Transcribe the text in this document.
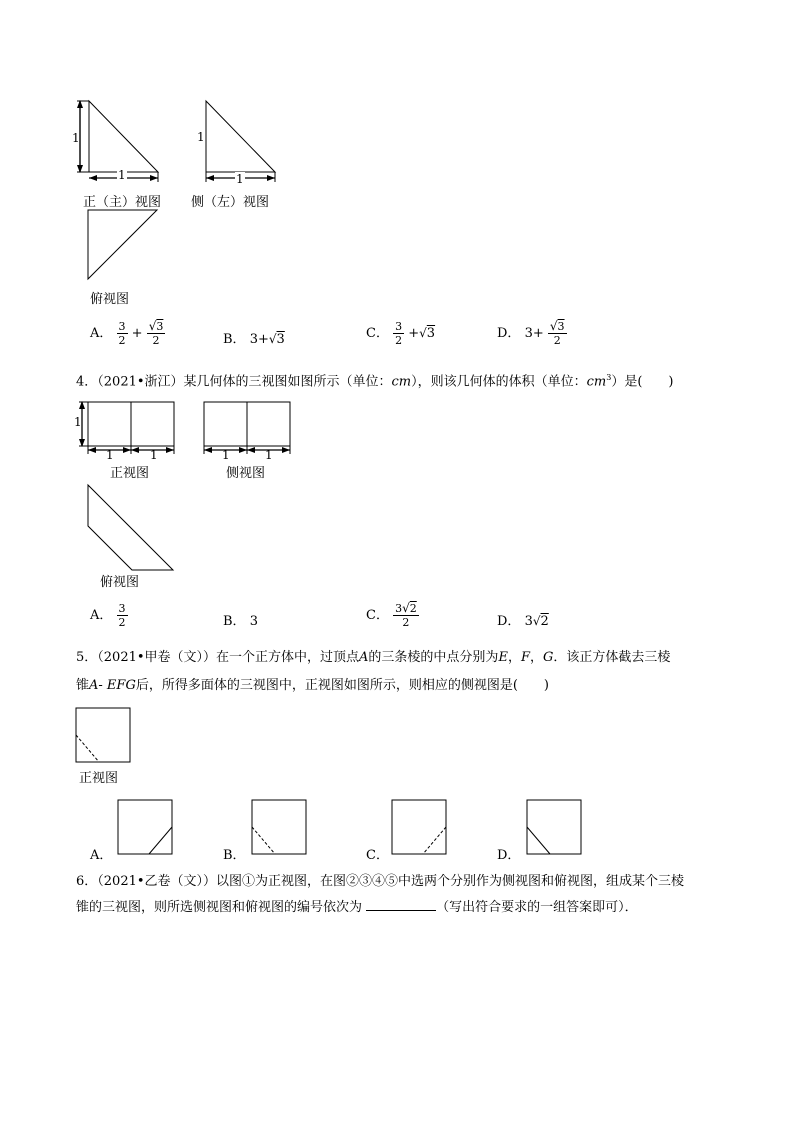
1
1
正（主）视图
1
1
侧（左）视图
俯视图
A． $\frac{3}{2} + \frac{√3}{2}$	B． 3+√3	C． $\frac{3}{2} +√3$	D． $3+ \frac{√3}{2}$
4．（2021•浙江）某几何体的三视图如图所示（单位：cm），则该几何体的体积（单位：$cm^3$）是(　　)
1
1	1
正视图
1	1
侧视图
俯视图
A． $\frac{3}{2}$	B． 3	C． $\frac{3√2}{2}$	D． 3√2
5．（2021•甲卷（文））在一个正方体中，过顶点A的三条棱的中点分别为E，F，G．该正方体截去三棱
锥A- EFG后，所得多面体的三视图中，正视图如图所示，则相应的侧视图是(　　)
正视图
A．	B．	C．	D．
6．（2021•乙卷（文））以图①为正视图，在图②③④⑤中选两个分别作为侧视图和俯视图，组成某个三棱
锥的三视图，则所选侧视图和俯视图的编号依次为	（写出符合要求的一组答案即可）．
